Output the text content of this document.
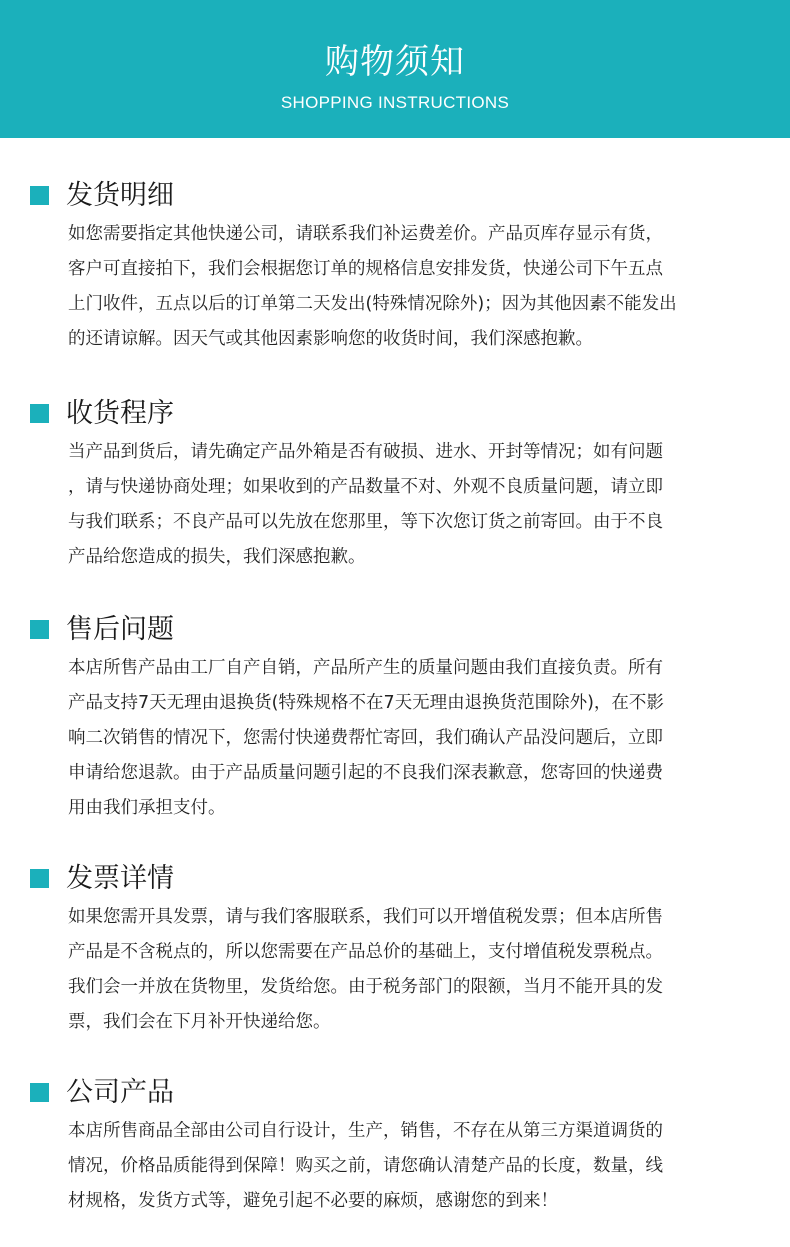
购物须知
SHOPPING INSTRUCTIONS
发货明细
如您需要指定其他快递公司，请联系我们补运费差价。产品页库存显示有货，
客户可直接拍下，我们会根据您订单的规格信息安排发货，快递公司下午五点
上门收件，五点以后的订单第二天发出(特殊情况除外)；因为其他因素不能发出
的还请谅解。因天气或其他因素影响您的收货时间，我们深感抱歉。
收货程序
当产品到货后，请先确定产品外箱是否有破损、进水、开封等情况；如有问题
，请与快递协商处理；如果收到的产品数量不对、外观不良质量问题，请立即
与我们联系；不良产品可以先放在您那里，等下次您订货之前寄回。由于不良
产品给您造成的损失，我们深感抱歉。
售后问题
本店所售产品由工厂自产自销，产品所产生的质量问题由我们直接负责。所有
产品支持7天无理由退换货(特殊规格不在7天无理由退换货范围除外)，在不影
响二次销售的情况下，您需付快递费帮忙寄回，我们确认产品没问题后，立即
申请给您退款。由于产品质量问题引起的不良我们深表歉意，您寄回的快递费
用由我们承担支付。
发票详情
如果您需开具发票，请与我们客服联系，我们可以开增值税发票；但本店所售
产品是不含税点的，所以您需要在产品总价的基础上，支付增值税发票税点。
我们会一并放在货物里，发货给您。由于税务部门的限额，当月不能开具的发
票，我们会在下月补开快递给您。
公司产品
本店所售商品全部由公司自行设计，生产，销售，不存在从第三方渠道调货的
情况，价格品质能得到保障！购买之前，请您确认清楚产品的长度，数量，线
材规格，发货方式等，避免引起不必要的麻烦，感谢您的到来！
